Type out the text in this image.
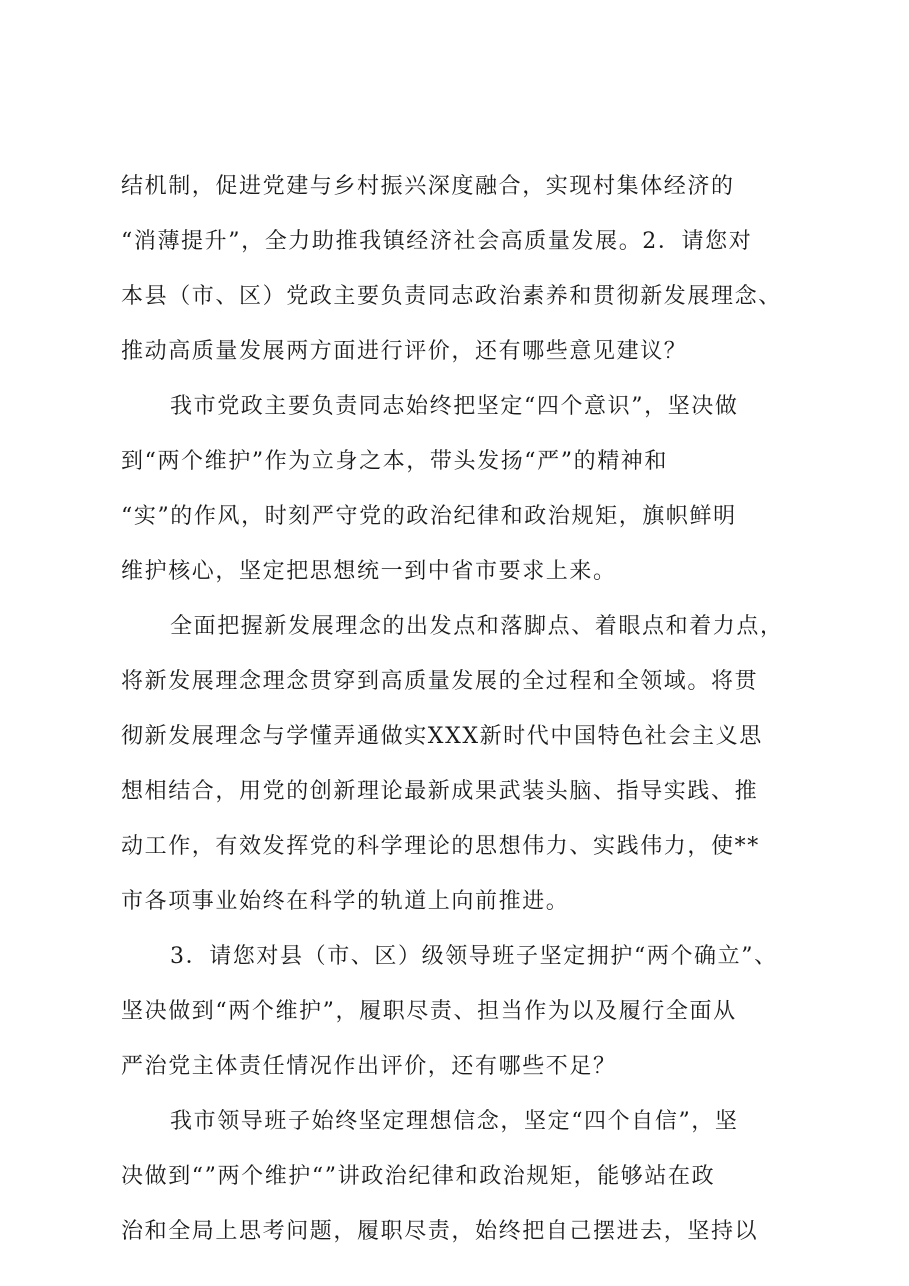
结机制，促进党建与乡村振兴深度融合，实现村集体经济的
“消薄提升”，全力助推我镇经济社会高质量发展。2．请您对
本县（市、区）党政主要负责同志政治素养和贯彻新发展理念、
推动高质量发展两方面进行评价，还有哪些意见建议？
我市党政主要负责同志始终把坚定“四个意识”，坚决做
到“两个维护”作为立身之本，带头发扬“严”的精神和
“实”的作风，时刻严守党的政治纪律和政治规矩，旗帜鲜明
维护核心，坚定把思想统一到中省市要求上来。
全面把握新发展理念的出发点和落脚点、着眼点和着力点，
将新发展理念理念贯穿到高质量发展的全过程和全领域。将贯
彻新发展理念与学懂弄通做实XXX新时代中国特色社会主义思
想相结合，用党的创新理论最新成果武装头脑、指导实践、推
动工作，有效发挥党的科学理论的思想伟力、实践伟力，使**
市各项事业始终在科学的轨道上向前推进。
3．请您对县（市、区）级领导班子坚定拥护“两个确立”、
坚决做到“两个维护”，履职尽责、担当作为以及履行全面从
严治党主体责任情况作出评价，还有哪些不足？
我市领导班子始终坚定理想信念，坚定“四个自信”，坚
决做到“”两个维护“”讲政治纪律和政治规矩，能够站在政
治和全局上思考问题，履职尽责，始终把自己摆进去，坚持以
